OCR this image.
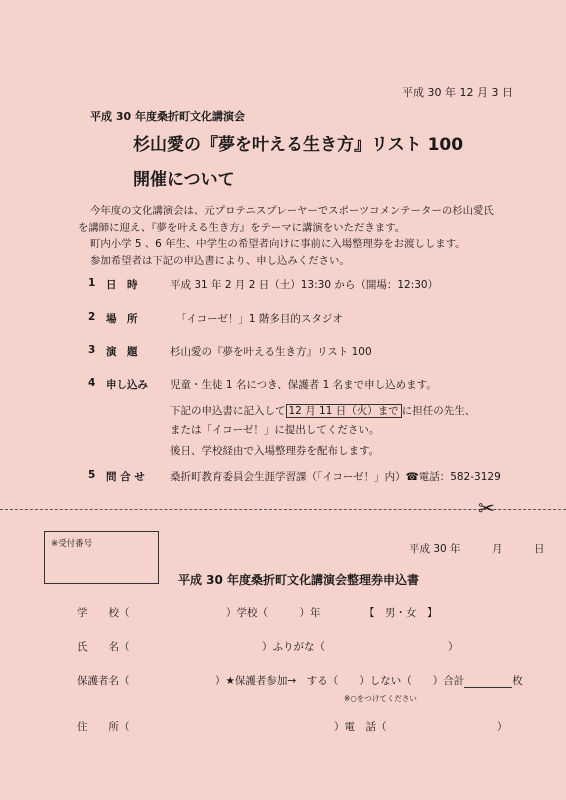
平成 30 年 12 月 3 日
平成 30 年度桑折町文化講演会
杉山愛の『夢を叶える生き方』リスト 100
開催について
今年度の文化講演会は、元プロテニスプレーヤーでスポーツコメンテーターの杉山愛氏
を講師に迎え、『夢を叶える生き方』をテーマに講演をいただきます。
町内小学 5 、6 年生、中学生の希望者向けに事前に入場整理券をお渡しします。
参加希望者は下記の申込書により、申し込みください。
1 日　時	平成 31 年 2 月 2 日（土）13:30 から（開場：12:30）
2 場　所	「イコーゼ！」1 階多目的スタジオ
3 演　題	杉山愛の『夢を叶える生き方』リスト 100
4 申し込み 児童・生徒 1 名につき、保護者 1 名まで申し込めます。
下記の申込書に記入して 12 月 11 日（火）まで に担任の先生、
または「イコーゼ！」に提出してください。
後日、学校経由で入場整理券を配布します。
5 問 合 せ 桑折町教育委員会生涯学習課（「イコーゼ！」内）☎電話：582-3129
✂
※受付番号	平成 30 年　　　月　　　日
平成 30 年度桑折町文化講演会整理券申込書
学　　校（	）学校（　　　）年	【　男・女　】
氏　　名（	）ふりがな（	）
保護者名（	）★保護者参加→　する（　　）しない（　　）合計	枚
※○をつけてください
住　　所（	）電　話（	）
